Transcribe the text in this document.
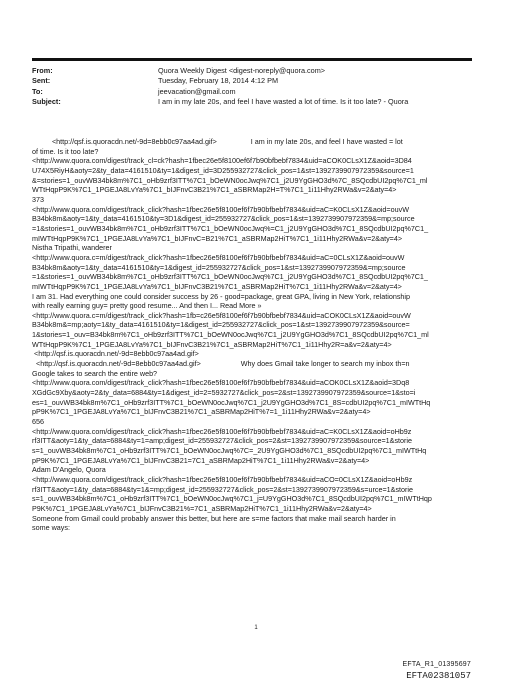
From:	Quora Weekly Digest <digest-noreply@quora.com>
Sent:	Tuesday, February 18, 2014 4:12 PM
To:	jeevacation@gmail.com
Subject:	I am in my late 20s, and feel I have wasted a lot of time. Is it too late? - Quora
<http://qsf.is.quoracdn.net/-9d=8ebb0c97aa4ad.gif>                 I am in my late 20s, and feel I have wasted = lot
of time. Is it too late?
<http://www.quora.com/digest/track_cl=ck?hash=1fbec26e5f8100ef6f7b90bfbebf7834&uid=aCOK0CLsX1Z&aoid=3D84
U74X5RiyH&aoty=2&ty_data=4161510&ty=1&digest_id=3D255932727&click_pos=1&st=1392739907972359&source=1
&=stories=1_ouvWB34bk8m%7C1_oHb9zrf3ITT%7C1_bOeWN0ocJwq%7C1_j2U9YgGHO3d%7C_8SQcdbUI2pq%7C1_ml
WTtHqpP9K%7C1_1PGEJA8LvYa%7C1_bIJFnvC3B21%7C1_aSBRMap2H=T%7C1_1i11Hhy2RWa&v=2&aty=4>
373
<http://www.quora.com/digest/track_click?hash=1fbec26e5f8100ef6f7b90bfbebf7834&uid=aC=K0CLsX1Z&aoid=ouvW
B34bk8m&aoty=1&ty_data=4161510&ty=3D1&digest_id=255932727&click_pos=1&st=1392739907972359&=mp;source
=1&stories=1_ouvWB34bk8m%7C1_oHb9zrf3ITT%7C1_bOeWN0ocJwq%=C1_j2U9YgGHO3d%7C1_8SQcdbUI2pq%7C1_
mIWTtHqpP9K%7C1_1PGEJA8LvYa%7C1_bIJFnvC=B21%7C1_aSBRMap2HiT%7C1_1i11Hhy2RWa&v=2&aty=4>
Nistha Tripathi, wanderer
<http://www.quora.c=m/digest/track_click?hash=1fbec26e5f8100ef6f7b90bfbebf7834&uid=aC=0CLsX1Z&aoid=ouvW
B34bk8m&aoty=1&ty_data=4161510&ty=1&digest_id=255932727&click_pos=1&st=1392739907972359&=mp;source
=1&stories=1_ouvWB34bk8m%7C1_oHb9zrf3ITT%7C1_bOeWN0ocJwq%7C1_j2U9YgGHO3d%7C1_8SQcdbUI2pq%7C1_
mIWTtHqpP9K%7C1_1PGEJA8LvYa%7C1_bIJFnvC3B21%7C1_aSBRMap2HiT%7C1_1i11Hhy2RWa&v=2&aty=4>
I am 31. Had everything one could consider success by 26 - good=package, great GPA, living in New York, relationship
with really earning guy= pretty good resume... And then I... Read More »
<http://www.quora.c=m/digest/track_click?hash=1fb=c26e5f8100ef6f7b90bfbebf7834&uid=aCOK0CLsX1Z&aoid=ouvW
B34bk8m&=mp;aoty=1&ty_data=4161510&ty=1&digest_id=255932727&click_pos=1&st=1392739907972359&source=
1&stories=1_ouv=B34bk8m%7C1_oHb9zrf3ITT%7C1_bOeWN0ocJwq%7C1_j2U9YgGHO3d%7C1_8SQcdbUI2pq%7C1_ml
WTtHqpP9K%7C1_1PGEJA8LvYa%7C1_bIJFnvC3B21%7C1_aSBRMap2HiT%7C1_1i11Hhy2R=a&v=2&aty=4>
<http://qsf.is.quoracdn.net/-9d=8ebb0c97aa4ad.gif>
<http://qsf.is.quoracdn.net/-9d=8ebb0c97aa4ad.gif>                    Why does Gmail take longer to search my inbox th=n
Google takes to search the entire web?
<http://www.quora.com/digest/track_click?hash=1fbec26e5f8100ef6f7b90bfbebf7834&uid=aCOK0CLsX1Z&aoid=3Dq8
XGdGc9Xby&aoty=2&ty_data=6884&ty=1&digest_id=2=5932727&click_pos=2&st=1392739907972359&source=1&sto=i
es=1_ouvWB34bk8m%7C1_oHb9zrf3ITT%7C1_bOeWN0ocJwq%7C1_j2U9YgGHO3d%7C1_8S=cdbUI2pq%7C1_mIWTtHq
pP9K%7C1_1PGEJA8LvYa%7C1_bIJFnvC3B21%7C1_aSBRMap2HiT%7=1_1i11Hhy2RWa&v=2&aty=4>
656
<http://www.quora.com/digest/track_click?hash=1fbec26e5f8100ef6f7b90bfbebf7834&uid=aC=K0CLsX1Z&aoid=oHb9z
rf3ITT&aoty=1&ty_data=6884&ty=1=amp;digest_id=255932727&click_pos=2&st=1392739907972359&source=1&storie
s=1_ouvWB34bk8m%7C1_oHb9zrf3ITT%7C1_bOeWN0ocJwq%7C=_2U9YgGHO3d%7C1_8SQcdbUI2pq%7C1_mIWTtHq
pP9K%7C1_1PGEJA8LvYa%7C1_bIJFnvC3B21=7C1_aSBRMap2HiT%7C1_1i11Hhy2RWa&v=2&aty=4>
Adam D'Angelo, Quora
<http://www.quora.com/digest/track_click?hash=1fbec26e5f8100ef6f7b90bfbebf7834&uid=aCO=0CLsX1Z&aoid=oHb9z
rf3ITT&aoty=1&ty_data=6884&ty=1&=mp;digest_id=255932727&click_pos=2&st=1392739907972359&s=urce=1&storie
s=1_ouvWB34bk8m%7C1_oHb9zrf3ITT%7C1_bOeWN0ocJwq%7C1_j=U9YgGHO3d%7C1_8SQcdbUI2pq%7C1_mIWTtHqp
P9K%7C1_1PGEJA8LvYa%7C1_bIJFnvC3B21%=7C1_aSBRMap2HiT%7C1_1i11Hhy2RWa&v=2&aty=4>
Someone from Gmail could probably answer this better, but here are s=me factors that make mail search harder in
some ways:
1
EFTA_R1_01395697
EFTA02381057
